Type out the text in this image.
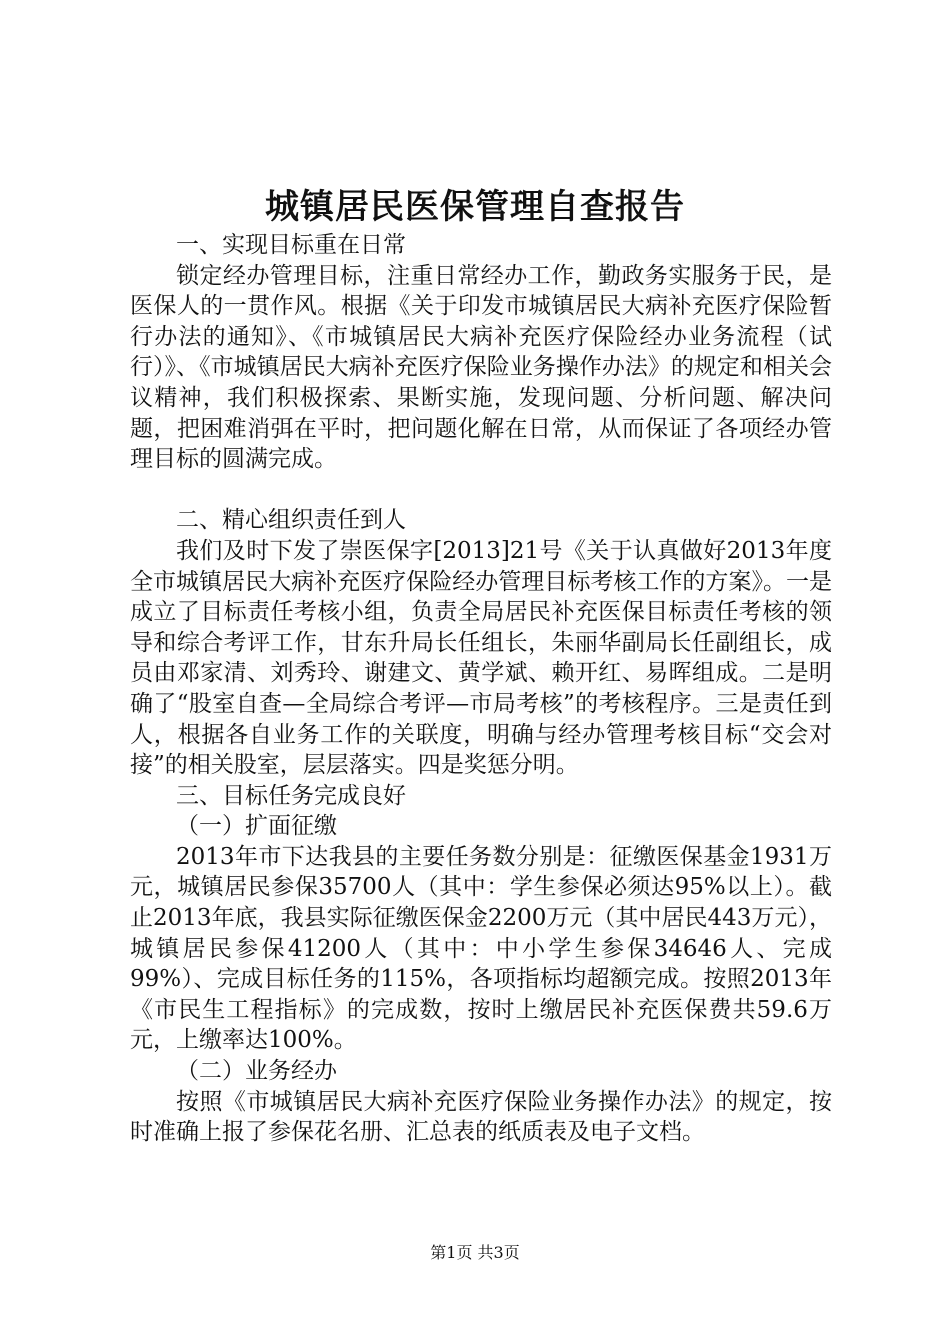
城镇居民医保管理自查报告

一、实现目标重在日常

锁定经办管理目标，注重日常经办工作，勤政务实服务于民，是医保人的一贯作风。根据《关于印发市城镇居民大病补充医疗保险暂行办法的通知》、《市城镇居民大病补充医疗保险经办业务流程（试行）》、《市城镇居民大病补充医疗保险业务操作办法》的规定和相关会议精神，我们积极探索、果断实施，发现问题、分析问题、解决问题，把困难消弭在平时，把问题化解在日常，从而保证了各项经办管理目标的圆满完成。

二、精心组织责任到人

我们及时下发了崇医保字[2013]21号《关于认真做好2013年度全市城镇居民大病补充医疗保险经办管理目标考核工作的方案》。一是成立了目标责任考核小组，负责全局居民补充医保目标责任考核的领导和综合考评工作，甘东升局长任组长，朱丽华副局长任副组长，成员由邓家清、刘秀玲、谢建文、黄学斌、赖开红、易晖组成。二是明确了“股室自查—全局综合考评—市局考核”的考核程序。三是责任到人，根据各自业务工作的关联度，明确与经办管理考核目标“交会对接”的相关股室，层层落实。四是奖惩分明。

三、目标任务完成良好

（一）扩面征缴

2013年市下达我县的主要任务数分别是：征缴医保基金1931万元，城镇居民参保35700人（其中：学生参保必须达95%以上）。截止2013年底，我县实际征缴医保金2200万元（其中居民443万元），城镇居民参保41200人（其中：中小学生参保34646人、完成99%）、完成目标任务的115%，各项指标均超额完成。按照2013年《市民生工程指标》的完成数，按时上缴居民补充医保费共59.6万元，上缴率达100%。

（二）业务经办

按照《市城镇居民大病补充医疗保险业务操作办法》的规定，按时准确上报了参保花名册、汇总表的纸质表及电子文档。

第1页 共3页
